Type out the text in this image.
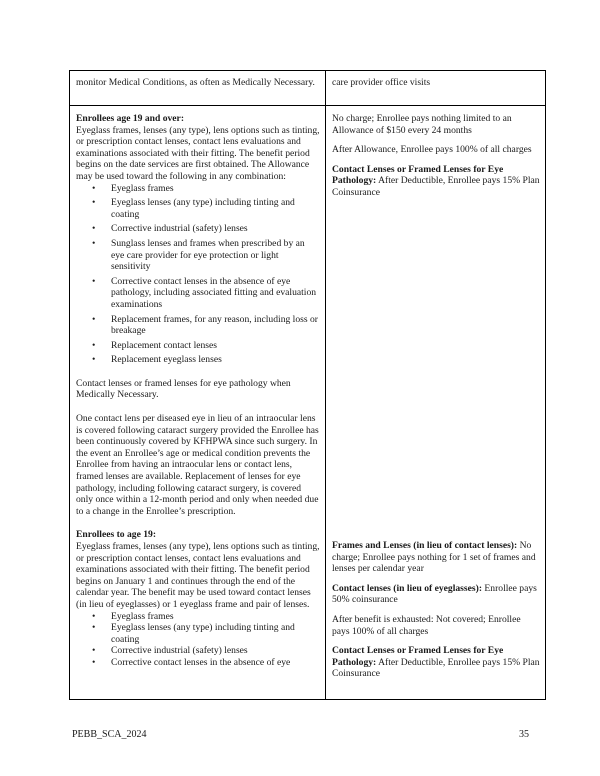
monitor Medical Conditions, as often as Medically Necessary.	care provider office visits

Enrollees age 19 and over:
Eyeglass frames, lenses (any type), lens options such as tinting, or prescription contact lenses, contact lens evaluations and examinations associated with their fitting. The benefit period begins on the date services are first obtained. The Allowance may be used toward the following in any combination:

• Eyeglass frames
• Eyeglass lenses (any type) including tinting and coating
• Corrective industrial (safety) lenses
• Sunglass lenses and frames when prescribed by an eye care provider for eye protection or light sensitivity
• Corrective contact lenses in the absence of eye pathology, including associated fitting and evaluation examinations
• Replacement frames, for any reason, including loss or breakage
• Replacement contact lenses
• Replacement eyeglass lenses

Contact lenses or framed lenses for eye pathology when Medically Necessary.

One contact lens per diseased eye in lieu of an intraocular lens is covered following cataract surgery provided the Enrollee has been continuously covered by KFHPWA since such surgery. In the event an Enrollee’s age or medical condition prevents the Enrollee from having an intraocular lens or contact lens, framed lenses are available. Replacement of lenses for eye pathology, including following cataract surgery, is covered only once within a 12-month period and only when needed due to a change in the Enrollee’s prescription.

Enrollees to age 19:
Eyeglass frames, lenses (any type), lens options such as tinting, or prescription contact lenses, contact lens evaluations and examinations associated with their fitting. The benefit period begins on January 1 and continues through the end of the calendar year. The benefit may be used toward contact lenses (in lieu of eyeglasses) or 1 eyeglass frame and pair of lenses.

• Eyeglass frames
• Eyeglass lenses (any type) including tinting and coating
• Corrective industrial (safety) lenses
• Corrective contact lenses in the absence of eye

No charge; Enrollee pays nothing limited to an Allowance of $150 every 24 months

After Allowance, Enrollee pays 100% of all charges

Contact Lenses or Framed Lenses for Eye Pathology: After Deductible, Enrollee pays 15% Plan Coinsurance

Frames and Lenses (in lieu of contact lenses): No charge; Enrollee pays nothing for 1 set of frames and lenses per calendar year

Contact lenses (in lieu of eyeglasses): Enrollee pays 50% coinsurance

After benefit is exhausted: Not covered; Enrollee pays 100% of all charges

Contact Lenses or Framed Lenses for Eye Pathology: After Deductible, Enrollee pays 15% Plan Coinsurance

PEBB_SCA_2024	35
